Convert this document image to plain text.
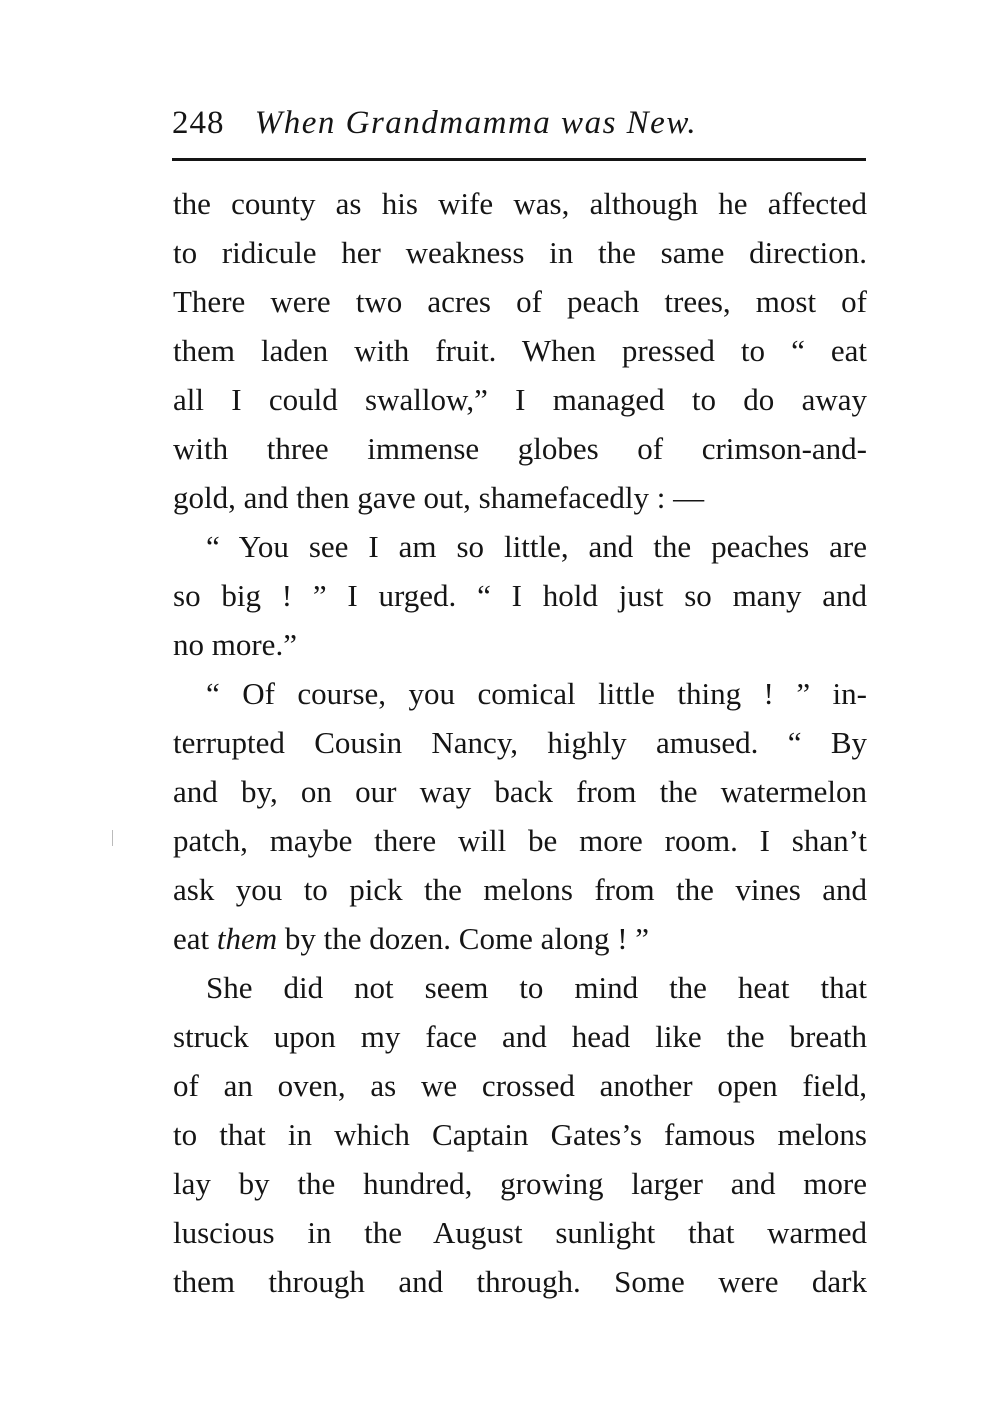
248 When Grandmamma was New.
the county as his wife was, although he affected
to ridicule her weakness in the same direction.
There were two acres of peach trees, most of
them laden with fruit. When pressed to “ eat
all I could swallow,” I managed to do away
with three immense globes of crimson-and-
gold, and then gave out, shamefacedly : —
“ You see I am so little, and the peaches are
so big ! ” I urged. “ I hold just so many and
no more.”
“ Of course, you comical little thing ! ” in-
terrupted Cousin Nancy, highly amused. “ By
and by, on our way back from the watermelon
patch, maybe there will be more room. I shan’t
ask you to pick the melons from the vines and
eat them by the dozen. Come along ! ”
She did not seem to mind the heat that
struck upon my face and head like the breath
of an oven, as we crossed another open field,
to that in which Captain Gates’s famous melons
lay by the hundred, growing larger and more
luscious in the August sunlight that warmed
them through and through. Some were dark
